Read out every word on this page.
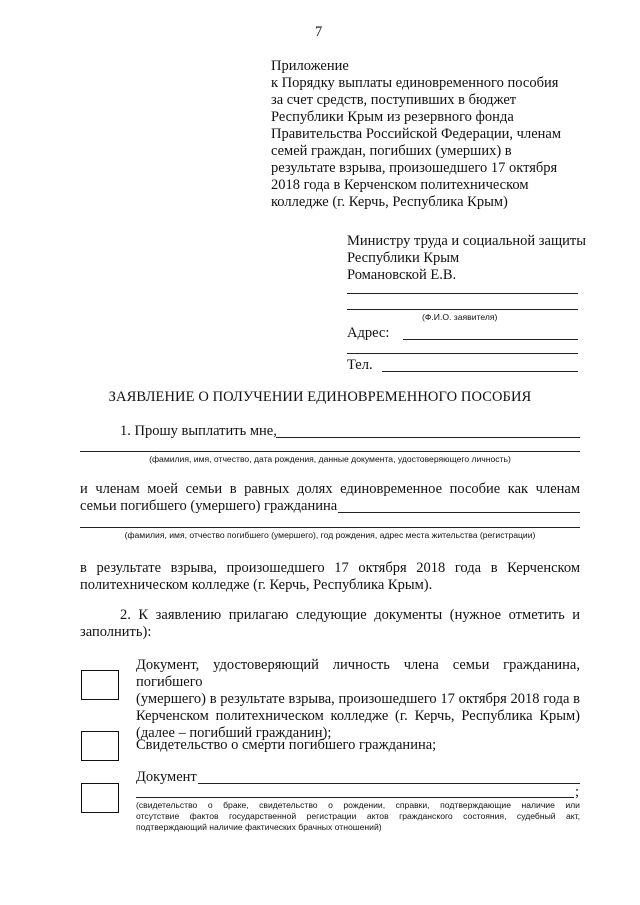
7
Приложение
к Порядку выплаты единовременного пособия
за счет средств, поступивших в бюджет
Республики Крым из резервного фонда
Правительства Российской Федерации, членам
семей граждан, погибших (умерших) в
результате взрыва, произошедшего 17 октября
2018 года в Керченском политехническом
колледже (г. Керчь, Республика Крым)
Министру труда и социальной защиты
Республики Крым
Романовской Е.В.
(Ф.И.О. заявителя)
Адрес:
Тел.
ЗАЯВЛЕНИЕ О ПОЛУЧЕНИИ ЕДИНОВРЕМЕННОГО ПОСОБИЯ
1. Прошу выплатить мне,
(фамилия, имя, отчество, дата рождения, данные документа, удостоверяющего личность)
и членам моей семьи в равных долях единовременное пособие как членам
семьи погибшего (умершего) гражданина
(фамилия, имя, отчество погибшего (умершего), год рождения, адрес места жительства (регистрации)
в результате взрыва, произошедшего 17 октября 2018 года в Керченском
политехническом колледже (г. Керчь, Республика Крым).
2. К заявлению прилагаю следующие документы (нужное отметить и
заполнить):
Документ, удостоверяющий личность члена семьи гражданина, погибшего
(умершего) в результате взрыва, произошедшего 17 октября 2018 года в
Керченском политехническом колледже (г. Керчь, Республика Крым)
(далее – погибший гражданин);
Свидетельство о смерти погибшего гражданина;
Документ
;
(свидетельство о браке, свидетельство о рождении, справки, подтверждающие наличие или
отсутствие фактов государственной регистрации актов гражданского состояния, судебный акт,
подтверждающий наличие фактических брачных отношений)
